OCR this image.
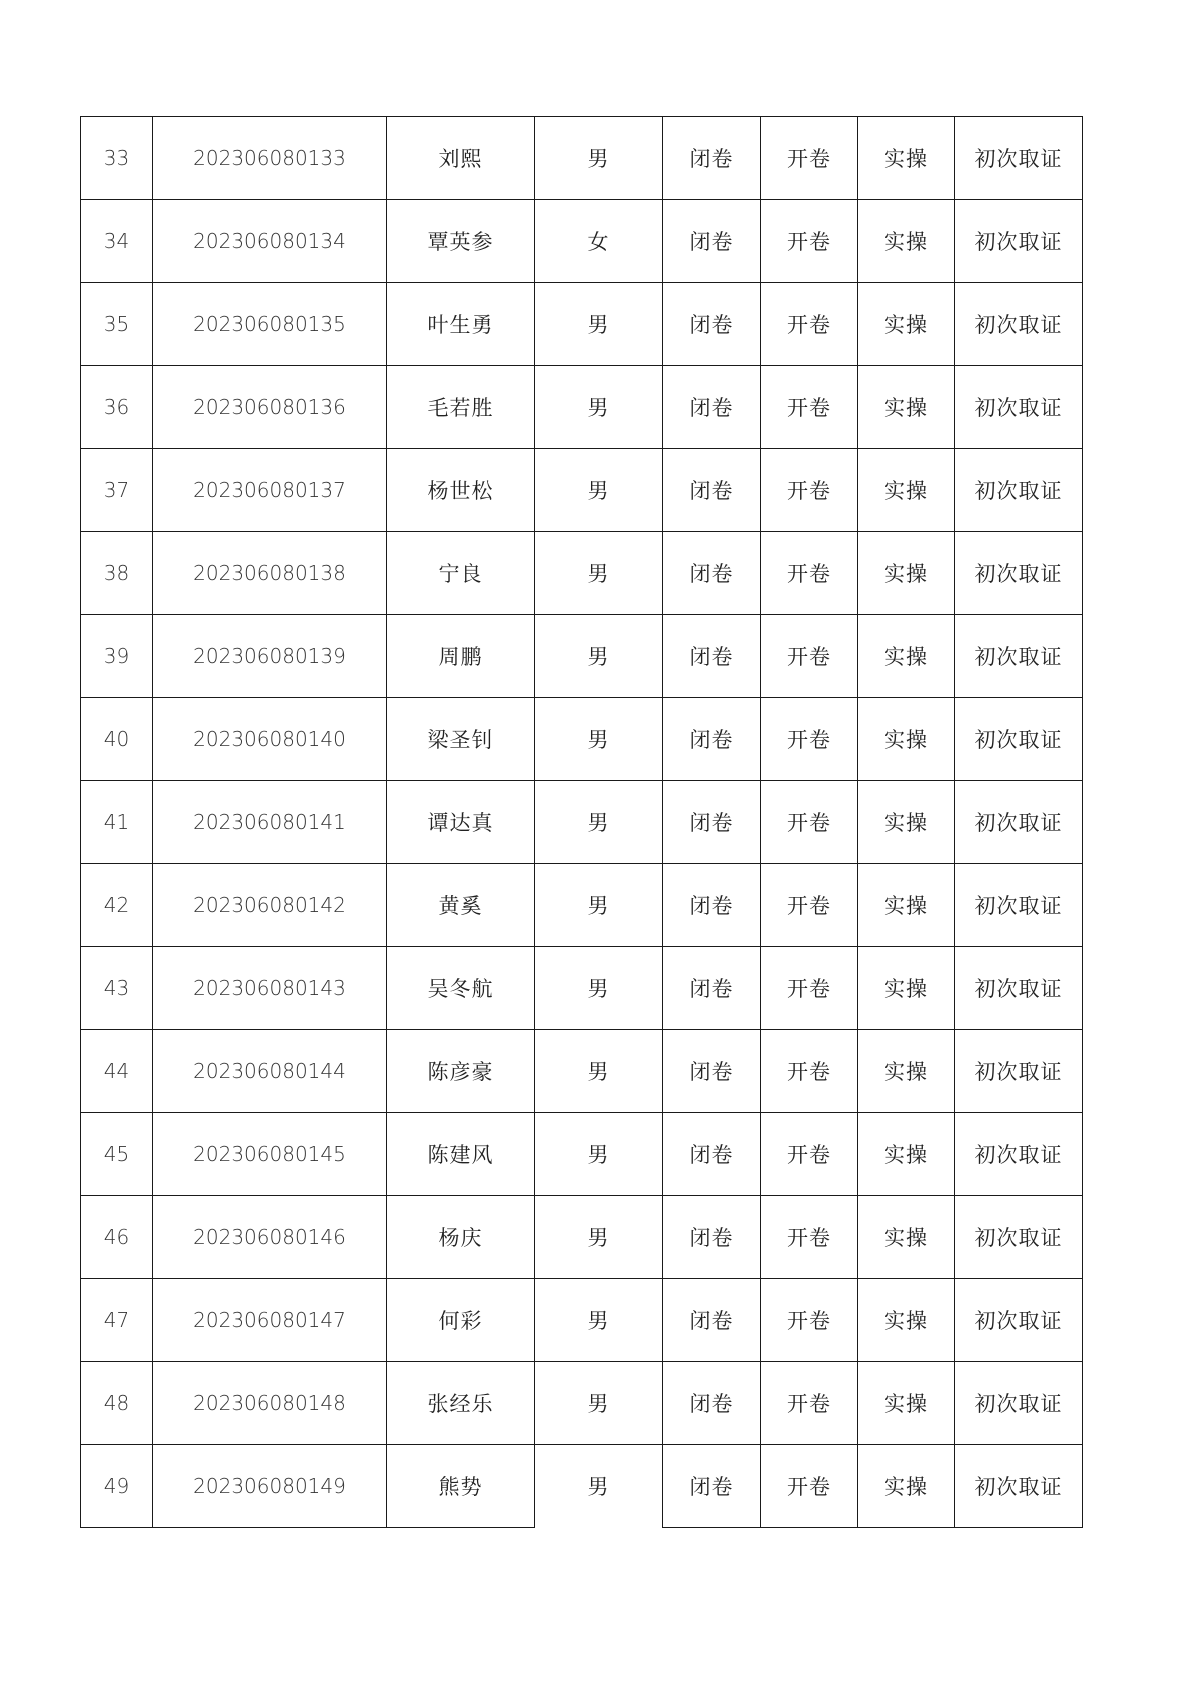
33	202306080133	刘熙	男	闭卷	开卷	实操	初次取证
34	202306080134	覃英参	女	闭卷	开卷	实操	初次取证
35	202306080135	叶生勇	男	闭卷	开卷	实操	初次取证
36	202306080136	毛若胜	男	闭卷	开卷	实操	初次取证
37	202306080137	杨世松	男	闭卷	开卷	实操	初次取证
38	202306080138	宁良	男	闭卷	开卷	实操	初次取证
39	202306080139	周鹏	男	闭卷	开卷	实操	初次取证
40	202306080140	梁圣钊	男	闭卷	开卷	实操	初次取证
41	202306080141	谭达真	男	闭卷	开卷	实操	初次取证
42	202306080142	黄奚	男	闭卷	开卷	实操	初次取证
43	202306080143	吴冬航	男	闭卷	开卷	实操	初次取证
44	202306080144	陈彦豪	男	闭卷	开卷	实操	初次取证
45	202306080145	陈建风	男	闭卷	开卷	实操	初次取证
46	202306080146	杨庆	男	闭卷	开卷	实操	初次取证
47	202306080147	何彩	男	闭卷	开卷	实操	初次取证
48	202306080148	张经乐	男	闭卷	开卷	实操	初次取证
49	202306080149	熊势	男	闭卷	开卷	实操	初次取证
